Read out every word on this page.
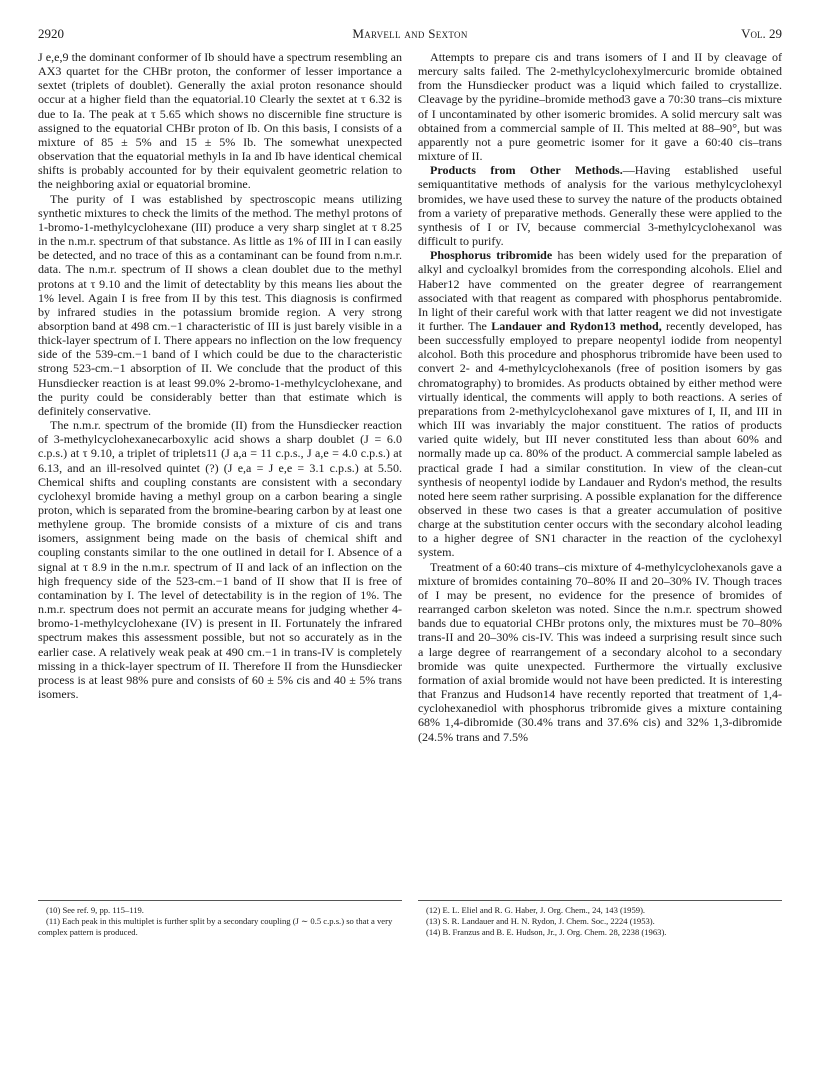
2920	Marvell and Sexton	Vol. 29

J e,e,9 the dominant conformer of Ib should have a spectrum resembling an AX3 quartet for the CHBr proton, the conformer of lesser importance a sextet (triplets of doublet). Generally the axial proton resonance should occur at a higher field than the equatorial.10 Clearly the sextet at τ 6.32 is due to Ia. The peak at τ 5.65 which shows no discernible fine structure is assigned to the equatorial CHBr proton of Ib. On this basis, I consists of a mixture of 85 ± 5% and 15 ± 5% Ib. The somewhat unexpected observation that the equatorial methyls in Ia and Ib have identical chemical shifts is probably accounted for by their equivalent geometric relation to the neighboring axial or equatorial bromine.

The purity of I was established by spectroscopic means utilizing synthetic mixtures to check the limits of the method. The methyl protons of 1-bromo-1-methylcyclohexane (III) produce a very sharp singlet at τ 8.25 in the n.m.r. spectrum of that substance. As little as 1% of III in I can easily be detected, and no trace of this as a contaminant can be found from n.m.r. data. The n.m.r. spectrum of II shows a clean doublet due to the methyl protons at τ 9.10 and the limit of detectablity by this means lies about the 1% level. Again I is free from II by this test. This diagnosis is confirmed by infrared studies in the potassium bromide region. A very strong absorption band at 498 cm.−1 characteristic of III is just barely visible in a thick-layer spectrum of I. There appears no inflection on the low frequency side of the 539-cm.−1 band of I which could be due to the characteristic strong 523-cm.−1 absorption of II. We conclude that the product of this Hunsdiecker reaction is at least 99.0% 2-bromo-1-methylcyclohexane, and the purity could be considerably better than that estimate which is definitely conservative.

The n.m.r. spectrum of the bromide (II) from the Hunsdiecker reaction of 3-methylcyclohexanecarboxylic acid shows a sharp doublet (J = 6.0 c.p.s.) at τ 9.10, a triplet of triplets11 (J a,a = 11 c.p.s., J a,e = 4.0 c.p.s.) at 6.13, and an ill-resolved quintet (?) (J e,a = J e,e = 3.1 c.p.s.) at 5.50. Chemical shifts and coupling constants are consistent with a secondary cyclohexyl bromide having a methyl group on a carbon bearing a single proton, which is separated from the bromine-bearing carbon by at least one methylene group. The bromide consists of a mixture of cis and trans isomers, assignment being made on the basis of chemical shift and coupling constants similar to the one outlined in detail for I. Absence of a signal at τ 8.9 in the n.m.r. spectrum of II and lack of an inflection on the high frequency side of the 523-cm.−1 band of II show that II is free of contamination by I. The level of detectability is in the region of 1%. The n.m.r. spectrum does not permit an accurate means for judging whether 4-bromo-1-methylcyclohexane (IV) is present in II. Fortunately the infrared spectrum makes this assessment possible, but not so accurately as in the earlier case. A relatively weak peak at 490 cm.−1 in trans-IV is completely missing in a thick-layer spectrum of II. Therefore II from the Hunsdiecker process is at least 98% pure and consists of 60 ± 5% cis and 40 ± 5% trans isomers.

Attempts to prepare cis and trans isomers of I and II by cleavage of mercury salts failed. The 2-methylcyclohexylmercuric bromide obtained from the Hunsdiecker product was a liquid which failed to crystallize. Cleavage by the pyridine–bromide method3 gave a 70:30 trans–cis mixture of I uncontaminated by other isomeric bromides. A solid mercury salt was obtained from a commercial sample of II. This melted at 88–90°, but was apparently not a pure geometric isomer for it gave a 60:40 cis–trans mixture of II.

Products from Other Methods.—Having established useful semiquantitative methods of analysis for the various methylcyclohexyl bromides, we have used these to survey the nature of the products obtained from a variety of preparative methods. Generally these were applied to the synthesis of I or IV, because commercial 3-methylcyclohexanol was difficult to purify.

Phosphorus tribromide has been widely used for the preparation of alkyl and cycloalkyl bromides from the corresponding alcohols. Eliel and Haber12 have commented on the greater degree of rearrangement associated with that reagent as compared with phosphorus pentabromide. In light of their careful work with that latter reagent we did not investigate it further. The Landauer and Rydon13 method, recently developed, has been successfully employed to prepare neopentyl iodide from neopentyl alcohol. Both this procedure and phosphorus tribromide have been used to convert 2- and 4-methylcyclohexanols (free of position isomers by gas chromatography) to bromides. As products obtained by either method were virtually identical, the comments will apply to both reactions. A series of preparations from 2-methylcyclohexanol gave mixtures of I, II, and III in which III was invariably the major constituent. The ratios of products varied quite widely, but III never constituted less than about 60% and normally made up ca. 80% of the product. A commercial sample labeled as practical grade I had a similar constitution. In view of the clean-cut synthesis of neopentyl iodide by Landauer and Rydon's method, the results noted here seem rather surprising. A possible explanation for the difference observed in these two cases is that a greater accumulation of positive charge at the substitution center occurs with the secondary alcohol leading to a higher degree of SN1 character in the reaction of the cyclohexyl system.

Treatment of a 60:40 trans–cis mixture of 4-methylcyclohexanols gave a mixture of bromides containing 70–80% II and 20–30% IV. Though traces of I may be present, no evidence for the presence of bromides of rearranged carbon skeleton was noted. Since the n.m.r. spectrum showed bands due to equatorial CHBr protons only, the mixtures must be 70–80% trans-II and 20–30% cis-IV. This was indeed a surprising result since such a large degree of rearrangement of a secondary alcohol to a secondary bromide was quite unexpected. Furthermore the virtually exclusive formation of axial bromide would not have been predicted. It is interesting that Franzus and Hudson14 have recently reported that treatment of 1,4-cyclohexanediol with phosphorus tribromide gives a mixture containing 68% 1,4-dibromide (30.4% trans and 37.6% cis) and 32% 1,3-dibromide (24.5% trans and 7.5%

(10) See ref. 9, pp. 115–119.
(11) Each peak in this multiplet is further split by a secondary coupling (J ∼ 0.5 c.p.s.) so that a very complex pattern is produced.
(12) E. L. Eliel and R. G. Haber, J. Org. Chem., 24, 143 (1959).
(13) S. R. Landauer and H. N. Rydon, J. Chem. Soc., 2224 (1953).
(14) B. Franzus and B. E. Hudson, Jr., J. Org. Chem. 28, 2238 (1963).
